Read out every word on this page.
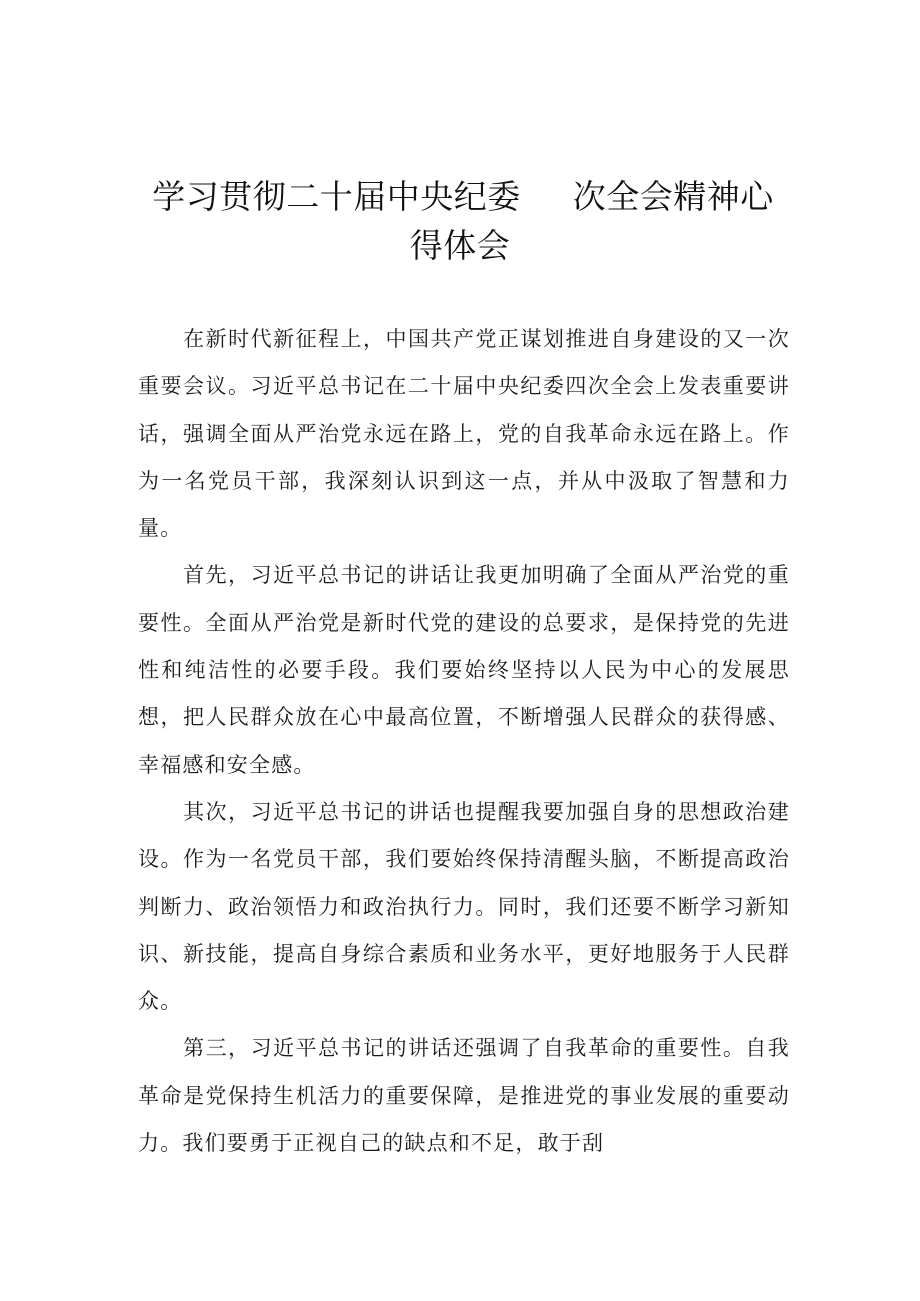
学习贯彻二十届中央纪委 次全会精神心
得体会

在新时代新征程上，中国共产党正谋划推进自身建设的又一次重要会议。习近平总书记在二十届中央纪委四次全会上发表重要讲话，强调全面从严治党永远在路上，党的自我革命永远在路上。作为一名党员干部，我深刻认识到这一点，并从中汲取了智慧和力量。

首先，习近平总书记的讲话让我更加明确了全面从严治党的重要性。全面从严治党是新时代党的建设的总要求，是保持党的先进性和纯洁性的必要手段。我们要始终坚持以人民为中心的发展思想，把人民群众放在心中最高位置，不断增强人民群众的获得感、幸福感和安全感。

其次，习近平总书记的讲话也提醒我要加强自身的思想政治建设。作为一名党员干部，我们要始终保持清醒头脑，不断提高政治判断力、政治领悟力和政治执行力。同时，我们还要不断学习新知识、新技能，提高自身综合素质和业务水平，更好地服务于人民群众。

第三，习近平总书记的讲话还强调了自我革命的重要性。自我革命是党保持生机活力的重要保障，是推进党的事业发展的重要动力。我们要勇于正视自己的缺点和不足，敢于刮
